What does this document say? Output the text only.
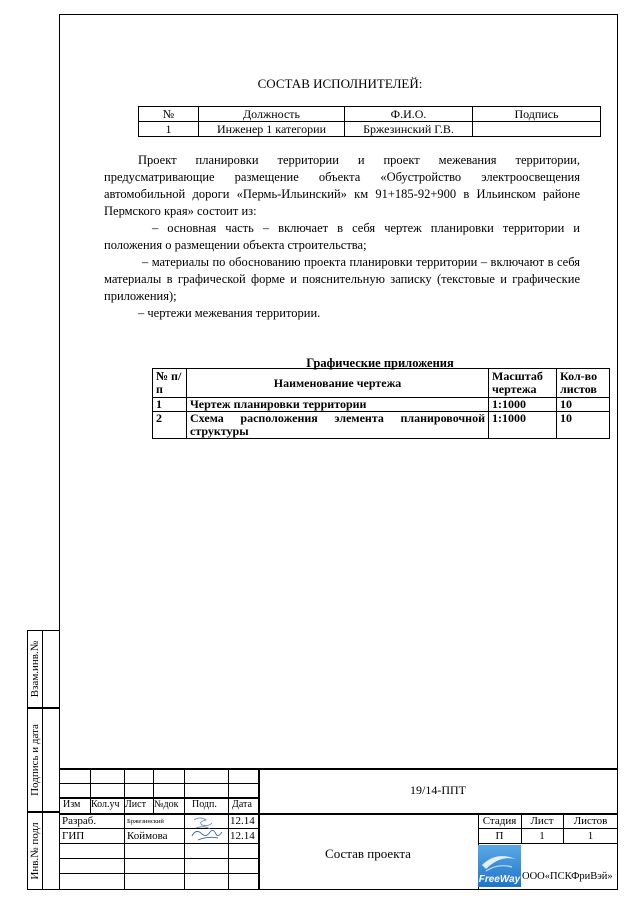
Взам.инв.№
Подпись и дата
Инв.№ подл
СОСТАВ ИСПОЛНИТЕЛЕЙ:
№	Должность	Ф.И.О.	Подпись
1	Инженер 1 категории	Бржезинский Г.В.	

Проект планировки территории и проект межевания территории, предусматривающие размещение объекта «Обустройство электроосвещения автомобильной дороги «Пермь-Ильинский» км 91+185-92+900 в Ильинском районе Пермского края» состоит из:

– основная часть – включает в себя чертеж планировки территории и положения о размещении объекта строительства;

– материалы по обоснованию проекта планировки территории – включают в себя материалы в графической форме и пояснительную записку (текстовые и графические приложения);

– чертежи межевания территории.

Графические приложения
№ п/п	Наименование чертежа	Масштаб чертежа	Кол-во листов
1	Чертеж планировки территории	1:1000	10
2	Схема расположения элемента планировочной структуры	1:1000	10
Изм Кол.уч Лист №док Подп. Дата
19/14-ППТ
Разраб.	Бржезинский	12.14
ГИП	Коймова	12.14
Состав проекта
Стадия	Лист	Листов
П	1	1
FreeWay ООО«ПСКФриВэй»
